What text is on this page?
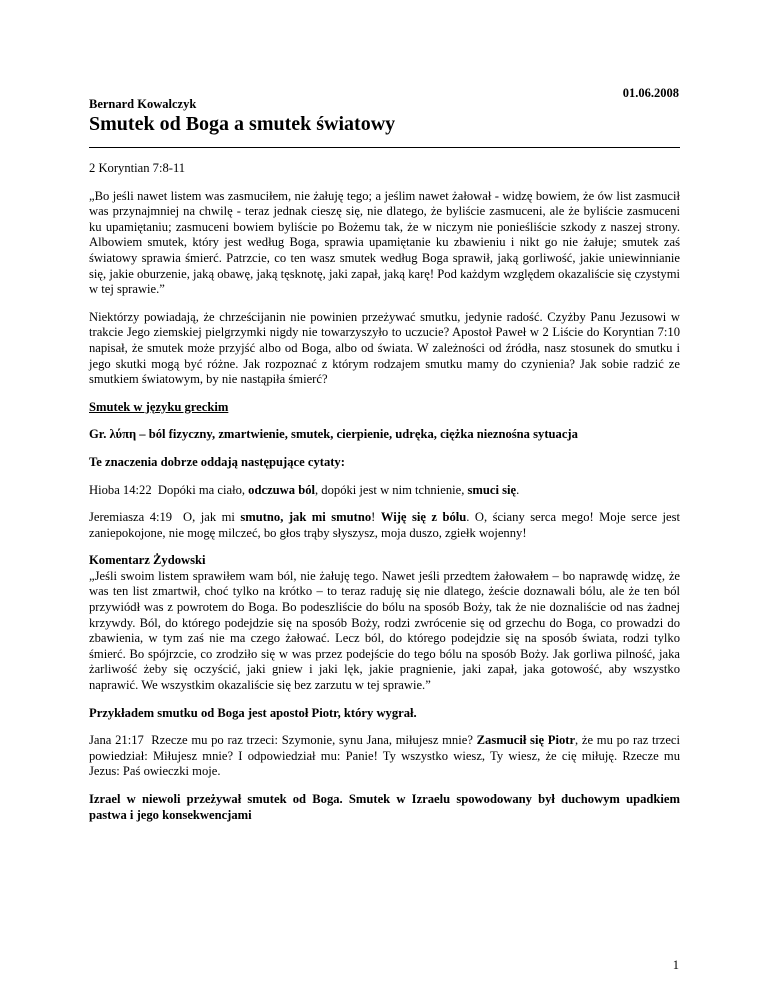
01.06.2008
Bernard Kowalczyk
Smutek od Boga a smutek światowy

2 Koryntian 7:8-11

„Bo jeśli nawet listem was zasmuciłem, nie żałuję tego; a jeślim nawet żałował - widzę bowiem, że ów list zasmucił was przynajmniej na chwilę - teraz jednak cieszę się, nie dlatego, że byliście zasmuceni, ale że byliście zasmuceni ku upamiętaniu; zasmuceni bowiem byliście po Bożemu tak, że w niczym nie ponieśliście szkody z naszej strony. Albowiem smutek, który jest według Boga, sprawia upamiętanie ku zbawieniu i nikt go nie żałuje; smutek zaś światowy sprawia śmierć. Patrzcie, co ten wasz smutek według Boga sprawił, jaką gorliwość, jakie uniewinnianie się, jakie oburzenie, jaką obawę, jaką tęsknotę, jaki zapał, jaką karę! Pod każdym względem okazaliście się czystymi w tej sprawie.”

Niektórzy powiadają, że chrześcijanin nie powinien przeżywać smutku, jedynie radość. Czyżby Panu Jezusowi w trakcie Jego ziemskiej pielgrzymki nigdy nie towarzyszyło to uczucie? Apostoł Paweł w 2 Liście do Koryntian 7:10 napisał, że smutek może przyjść albo od Boga, albo od świata. W zależności od źródła, nasz stosunek do smutku i jego skutki mogą być różne. Jak rozpoznać z którym rodzajem smutku mamy do czynienia? Jak sobie radzić ze smutkiem światowym, by nie nastąpiła śmierć?

Smutek w języku greckim

Gr. λύπη – ból fizyczny, zmartwienie, smutek, cierpienie, udręka, ciężka nieznośna sytuacja

Te znaczenia dobrze oddają następujące cytaty:

Hioba 14:22 Dopóki ma ciało, odczuwa ból, dopóki jest w nim tchnienie, smuci się.

Jeremiasza 4:19 O, jak mi smutno, jak mi smutno! Wiję się z bólu. O, ściany serca mego! Moje serce jest zaniepokojone, nie mogę milczeć, bo głos trąby słyszysz, moja duszo, zgiełk wojenny!

Komentarz Żydowski

„Jeśli swoim listem sprawiłem wam ból, nie żałuję tego. Nawet jeśli przedtem żałowałem – bo naprawdę widzę, że was ten list zmartwił, choć tylko na krótko – to teraz raduję się nie dlatego, żeście doznawali bólu, ale że ten ból przywiódł was z powrotem do Boga. Bo podeszliście do bólu na sposób Boży, tak że nie doznaliście od nas żadnej krzywdy. Ból, do którego podejdzie się na sposób Boży, rodzi zwrócenie się od grzechu do Boga, co prowadzi do zbawienia, w tym zaś nie ma czego żałować. Lecz ból, do którego podejdzie się na sposób świata, rodzi tylko śmierć. Bo spójrzcie, co zrodziło się w was przez podejście do tego bólu na sposób Boży. Jak gorliwa pilność, jaka żarliwość żeby się oczyścić, jaki gniew i jaki lęk, jakie pragnienie, jaki zapał, jaka gotowość, aby wszystko naprawić. We wszystkim okazaliście się bez zarzutu w tej sprawie.”

Przykładem smutku od Boga jest apostoł Piotr, który wygrał.

Jana 21:17 Rzecze mu po raz trzeci: Szymonie, synu Jana, miłujesz mnie? Zasmucił się Piotr, że mu po raz trzeci powiedział: Miłujesz mnie? I odpowiedział mu: Panie! Ty wszystko wiesz, Ty wiesz, że cię miłuję. Rzecze mu Jezus: Paś owieczki moje.

Izrael w niewoli przeżywał smutek od Boga. Smutek w Izraelu spowodowany był duchowym upadkiem pastwa i jego konsekwencjami

1
